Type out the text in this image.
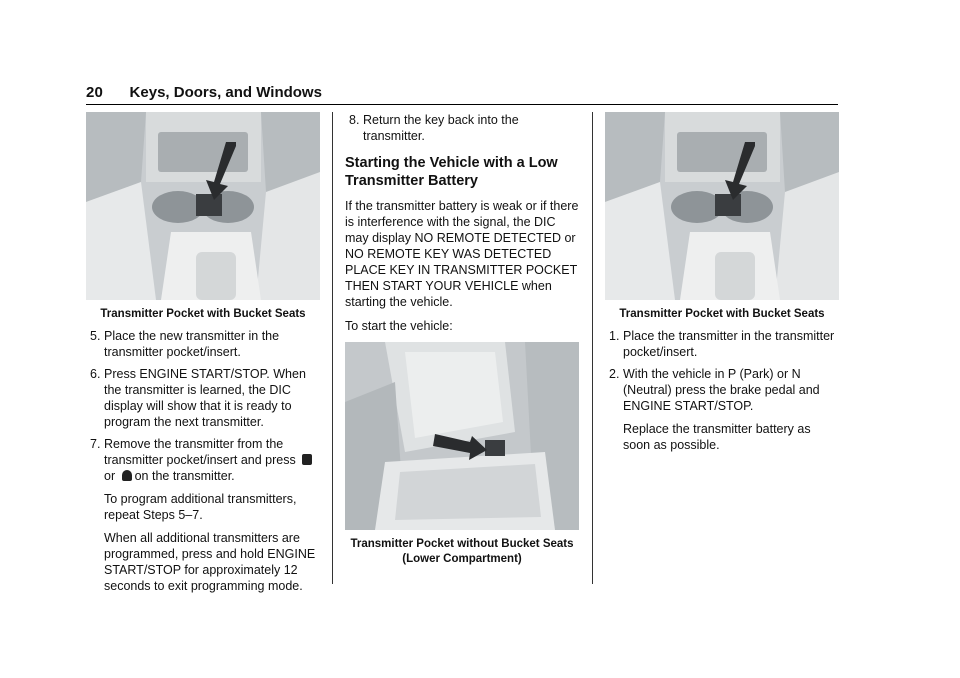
20 Keys, Doors, and Windows
Transmitter Pocket with Bucket Seats
5. Place the new transmitter in the transmitter pocket/insert.
6. Press ENGINE START/STOP. When the transmitter is learned, the DIC display will show that it is ready to program the next transmitter.
7. Remove the transmitter from the transmitter pocket/insert and press or on the transmitter.

To program additional transmitters, repeat Steps 5–7.

When all additional transmitters are programmed, press and hold ENGINE START/STOP for approximately 12 seconds to exit programming mode.

8. Return the key back into the transmitter.
Starting the Vehicle with a Low Transmitter Battery

If the transmitter battery is weak or if there is interference with the signal, the DIC may display NO REMOTE DETECTED or NO REMOTE KEY WAS DETECTED PLACE KEY IN TRANSMITTER POCKET THEN START YOUR VEHICLE when starting the vehicle.

To start the vehicle:

Transmitter Pocket without Bucket Seats
(Lower Compartment)
Transmitter Pocket with Bucket Seats
1. Place the transmitter in the transmitter pocket/insert.
2. With the vehicle in P (Park) or N (Neutral) press the brake pedal and ENGINE START/STOP.

Replace the transmitter battery as soon as possible.
